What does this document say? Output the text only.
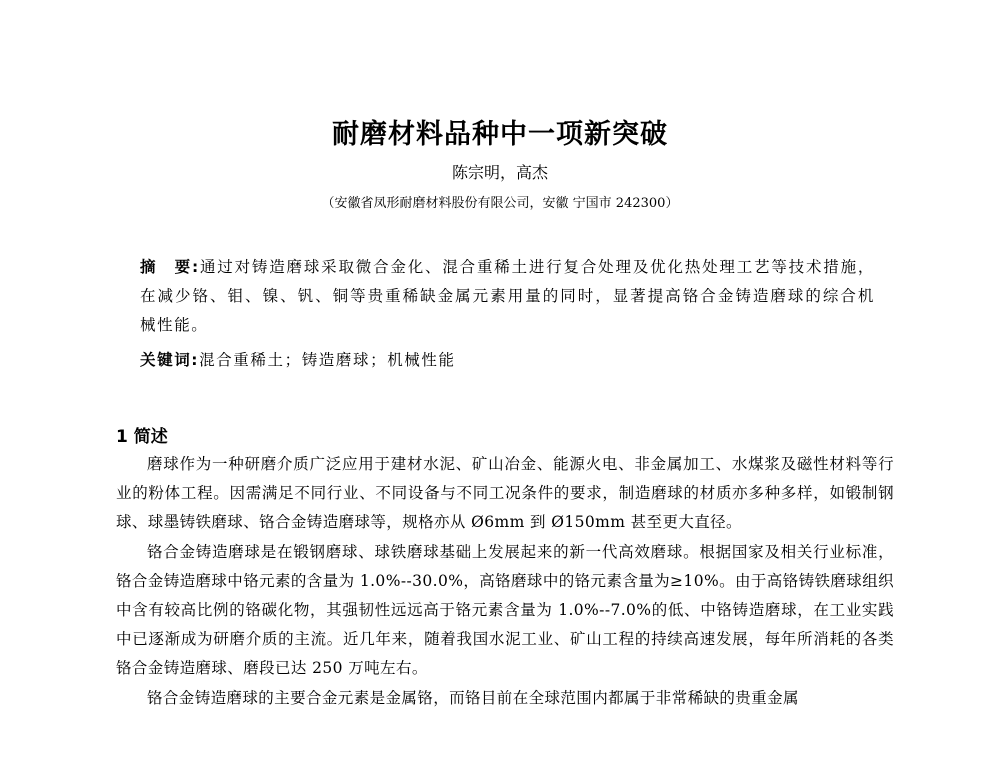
耐磨材料品种中一项新突破
陈宗明，高杰
（安徽省凤形耐磨材料股份有限公司，安徽 宁国市 242300）
摘　要:通过对铸造磨球采取微合金化、混合重稀土进行复合处理及优化热处理工艺等技术措施，在减少铬、钼、镍、钒、铜等贵重稀缺金属元素用量的同时，显著提高铬合金铸造磨球的综合机械性能。
关键词:混合重稀土；铸造磨球；机械性能
1 简述

磨球作为一种研磨介质广泛应用于建材水泥、矿山冶金、能源火电、非金属加工、水煤浆及磁性材料等行业的粉体工程。因需满足不同行业、不同设备与不同工况条件的要求，制造磨球的材质亦多种多样，如锻制钢球、球墨铸铁磨球、铬合金铸造磨球等，规格亦从 Ø6mm 到 Ø150mm 甚至更大直径。

铬合金铸造磨球是在锻钢磨球、球铁磨球基础上发展起来的新一代高效磨球。根据国家及相关行业标准，铬合金铸造磨球中铬元素的含量为 1.0%--30.0%，高铬磨球中的铬元素含量为≥10%。由于高铬铸铁磨球组织中含有较高比例的铬碳化物，其强韧性远远高于铬元素含量为 1.0%--7.0%的低、中铬铸造磨球，在工业实践中已逐渐成为研磨介质的主流。近几年来，随着我国水泥工业、矿山工程的持续高速发展，每年所消耗的各类铬合金铸造磨球、磨段已达 250 万吨左右。

铬合金铸造磨球的主要合金元素是金属铬，而铬目前在全球范围内都属于非常稀缺的贵重金属
